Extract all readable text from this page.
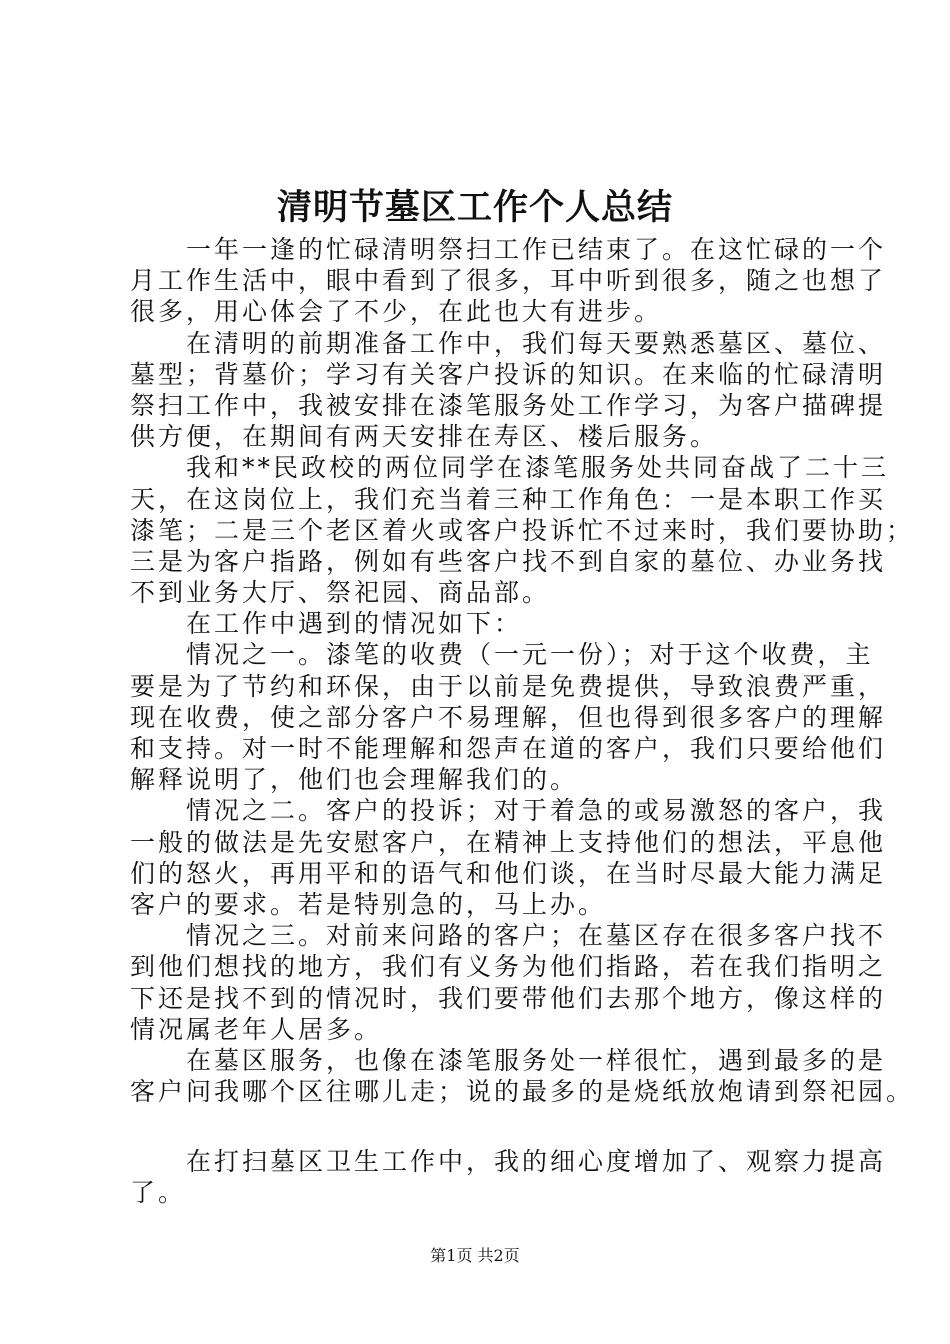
清明节墓区工作个人总结
一年一逢的忙碌清明祭扫工作已结束了。在这忙碌的一个
月工作生活中，眼中看到了很多，耳中听到很多，随之也想了
很多，用心体会了不少，在此也大有进步。
在清明的前期准备工作中，我们每天要熟悉墓区、墓位、
墓型；背墓价；学习有关客户投诉的知识。在来临的忙碌清明
祭扫工作中，我被安排在漆笔服务处工作学习，为客户描碑提
供方便，在期间有两天安排在寿区、楼后服务。
我和**民政校的两位同学在漆笔服务处共同奋战了二十三
天，在这岗位上，我们充当着三种工作角色：一是本职工作买
漆笔；二是三个老区着火或客户投诉忙不过来时，我们要协助；
三是为客户指路，例如有些客户找不到自家的墓位、办业务找
不到业务大厅、祭祀园、商品部。
在工作中遇到的情况如下：
情况之一。漆笔的收费（一元一份）；对于这个收费，主
要是为了节约和环保，由于以前是免费提供，导致浪费严重，
现在收费，使之部分客户不易理解，但也得到很多客户的理解
和支持。对一时不能理解和怨声在道的客户，我们只要给他们
解释说明了，他们也会理解我们的。
情况之二。客户的投诉；对于着急的或易激怒的客户，我
一般的做法是先安慰客户，在精神上支持他们的想法，平息他
们的怒火，再用平和的语气和他们谈，在当时尽最大能力满足
客户的要求。若是特别急的，马上办。
情况之三。对前来问路的客户；在墓区存在很多客户找不
到他们想找的地方，我们有义务为他们指路，若在我们指明之
下还是找不到的情况时，我们要带他们去那个地方，像这样的
情况属老年人居多。
在墓区服务，也像在漆笔服务处一样很忙，遇到最多的是
客户问我哪个区往哪儿走；说的最多的是烧纸放炮请到祭祀园。
在打扫墓区卫生工作中，我的细心度增加了、观察力提高
了。
第1页 共2页
